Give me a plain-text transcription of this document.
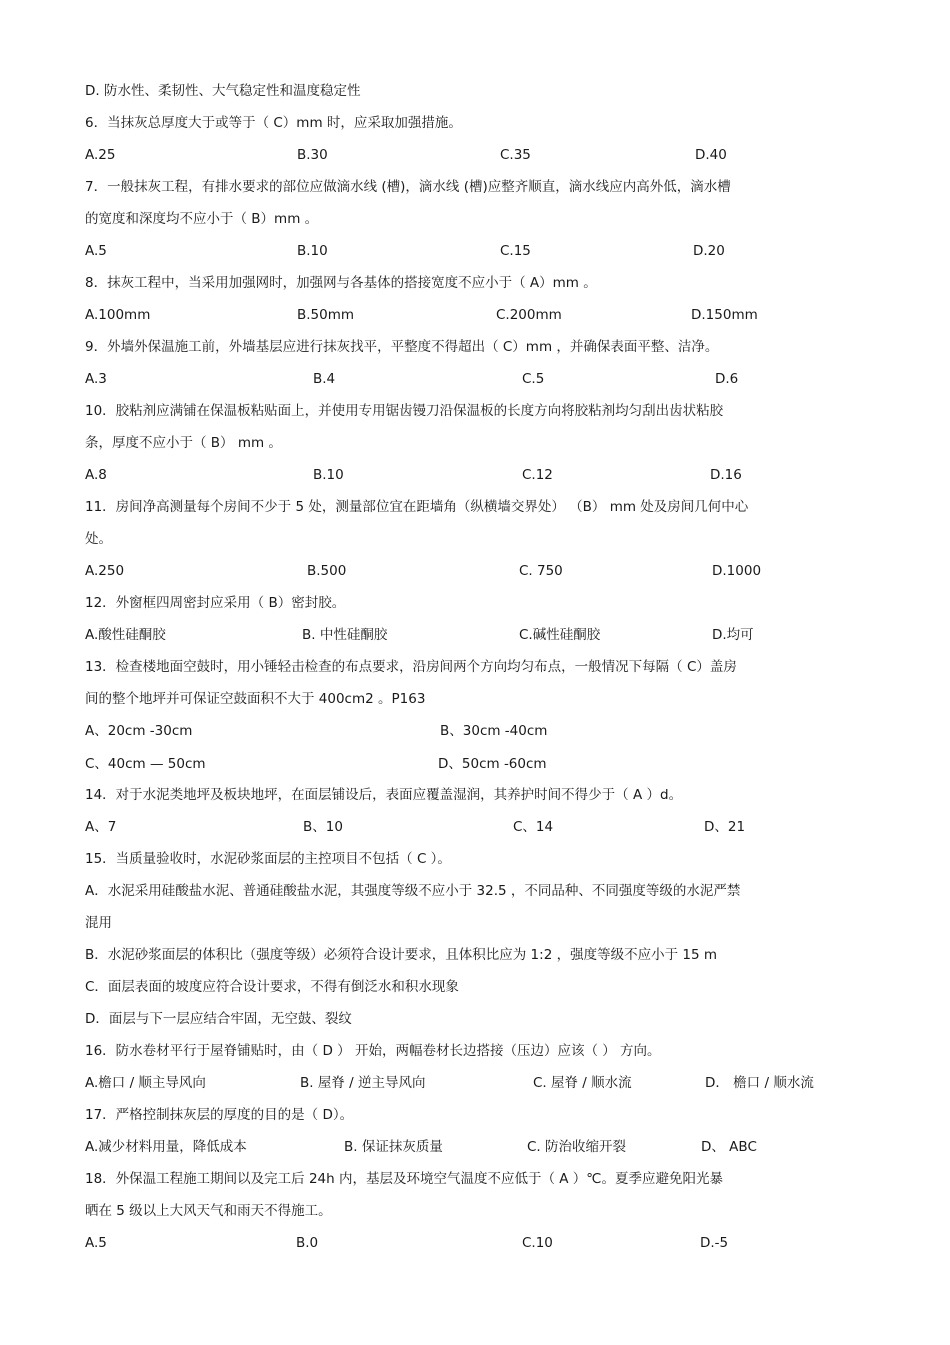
D. 防水性、柔韧性、大气稳定性和温度稳定性
6．当抹灰总厚度大于或等于（ C）mm 时，应采取加强措施。
A.25	B.30	C.35	D.40
7．一般抹灰工程，有排水要求的部位应做滴水线 (槽)，滴水线 (槽)应整齐顺直，滴水线应内高外低，滴水槽
的宽度和深度均不应小于（ B）mm 。
A.5	B.10	C.15	D.20
8．抹灰工程中，当采用加强网时，加强网与各基体的搭接宽度不应小于（ A）mm 。
A.100mm	B.50mm	C.200mm	D.150mm
9．外墙外保温施工前，外墙基层应进行抹灰找平，平整度不得超出（ C）mm ，并确保表面平整、洁净。
A.3	B.4	C.5	D.6
10．胶粘剂应满铺在保温板粘贴面上，并使用专用锯齿镘刀沿保温板的长度方向将胶粘剂均匀刮出齿状粘胶
条，厚度不应小于（ B） mm 。
A.8	B.10	C.12	D.16
11．房间净高测量每个房间不少于 5 处，测量部位宜在距墙角（纵横墙交界处） （B） mm 处及房间几何中心
处。
A.250	B.500	C. 750	D.1000
12．外窗框四周密封应采用（ B）密封胶。
A.酸性硅酮胶	B. 中性硅酮胶	C.碱性硅酮胶	D.均可
13．检查楼地面空鼓时，用小锤轻击检查的布点要求，沿房间两个方向均匀布点，一般情况下每隔（ C）盖房
间的整个地坪并可保证空鼓面积不大于 400cm2 。P163
A、20cm -30cm	B、30cm -40cm
C、40cm — 50cm	D、50cm -60cm
14．对于水泥类地坪及板块地坪，在面层铺设后，表面应覆盖湿润，其养护时间不得少于（ A ）d。
A、7	B、10	C、14	D、21
15．当质量验收时，水泥砂浆面层的主控项目不包括（ C ）。
A．水泥采用硅酸盐水泥、普通硅酸盐水泥，其强度等级不应小于 32.5 ，不同品种、不同强度等级的水泥严禁
混用
B．水泥砂浆面层的体积比（强度等级）必须符合设计要求，且体积比应为 1:2 ，强度等级不应小于 15 m
C．面层表面的坡度应符合设计要求，不得有倒泛水和积水现象
D．面层与下一层应结合牢固，无空鼓、裂纹
16．防水卷材平行于屋脊铺贴时，由（ D ） 开始，两幅卷材长边搭接（压边）应该（ ） 方向。
A.檐口 / 顺主导风向	B. 屋脊 / 逆主导风向	C. 屋脊 / 顺水流	D． 檐口 / 顺水流
17．严格控制抹灰层的厚度的目的是（ D）。
A.减少材料用量，降低成本	B. 保证抹灰质量	C. 防治收缩开裂	D、 ABC
18．外保温工程施工期间以及完工后 24h 内，基层及环境空气温度不应低于（ A ）℃。夏季应避免阳光暴
晒在 5 级以上大风天气和雨天不得施工。
A.5	B.0	C.10	D.-5
